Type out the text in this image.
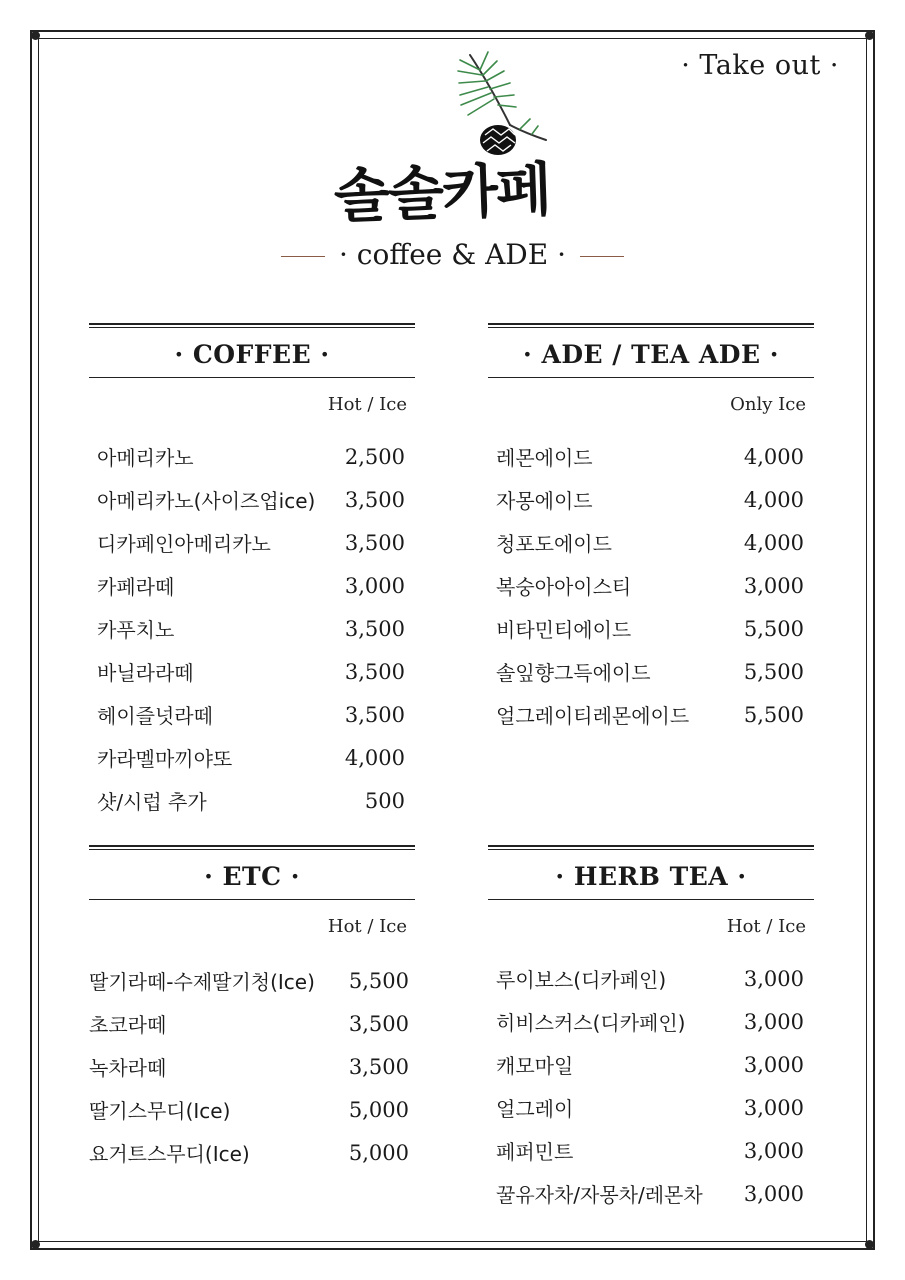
· Take out ·
솔솔카페
· coffee & ADE ·
· COFFEE ·
Hot / Ice
아메리카노	2,500
아메리카노(사이즈업ice) 3,500
디카페인아메리카노	3,500
카페라떼	3,000
카푸치노	3,500
바닐라라떼	3,500
헤이즐넛라떼	3,500
카라멜마끼야또	4,000
샷/시럽 추가	500
· ADE / TEA ADE ·
Only Ice
레몬에이드	4,000
자몽에이드	4,000
청포도에이드	4,000
복숭아아이스티	3,000
비타민티에이드	5,500
솔잎향그득에이드	5,500
얼그레이티레몬에이드	5,500
· ETC ·
Hot / Ice
딸기라떼-수제딸기청(Ice) 5,500
초코라떼	3,500
녹차라떼	3,500
딸기스무디(Ice)	5,000
요거트스무디(Ice)	5,000
· HERB TEA ·
Hot / Ice
루이보스(디카페인)	3,000
히비스커스(디카페인)	3,000
캐모마일	3,000
얼그레이	3,000
페퍼민트	3,000
꿀유자차/자몽차/레몬차 3,000
